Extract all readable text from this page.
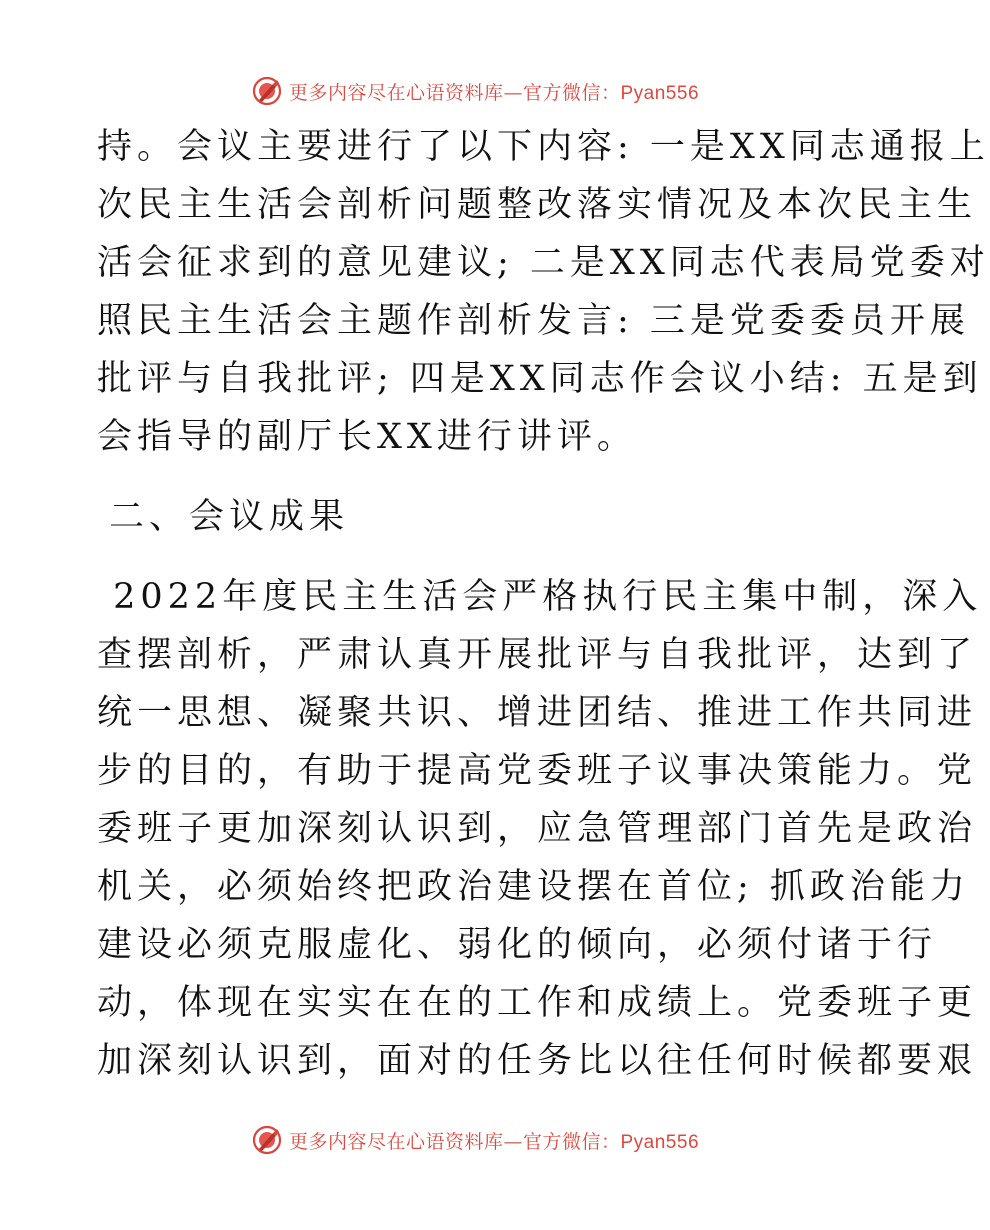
更多内容尽在心语资料库—官方微信：Pyan556
持。会议主要进行了以下内容: 一是XX同志通报上
次民主生活会剖析问题整改落实情况及本次民主生
活会征求到的意见建议; 二是XX同志代表局党委对
照民主生活会主题作剖析发言: 三是党委委员开展
批评与自我批评; 四是XX同志作会议小结: 五是到
会指导的副厅长XX进行讲评。
二、会议成果
2022年度民主生活会严格执行民主集中制，深入
查摆剖析，严肃认真开展批评与自我批评，达到了
统一思想、凝聚共识、增进团结、推进工作共同进
步的目的，有助于提高党委班子议事决策能力。党
委班子更加深刻认识到，应急管理部门首先是政治
机关，必须始终把政治建设摆在首位; 抓政治能力
建设必须克服虚化、弱化的倾向，必须付诸于行
动，体现在实实在在的工作和成绩上。党委班子更
加深刻认识到，面对的任务比以往任何时候都要艰
更多内容尽在心语资料库—官方微信：Pyan556
